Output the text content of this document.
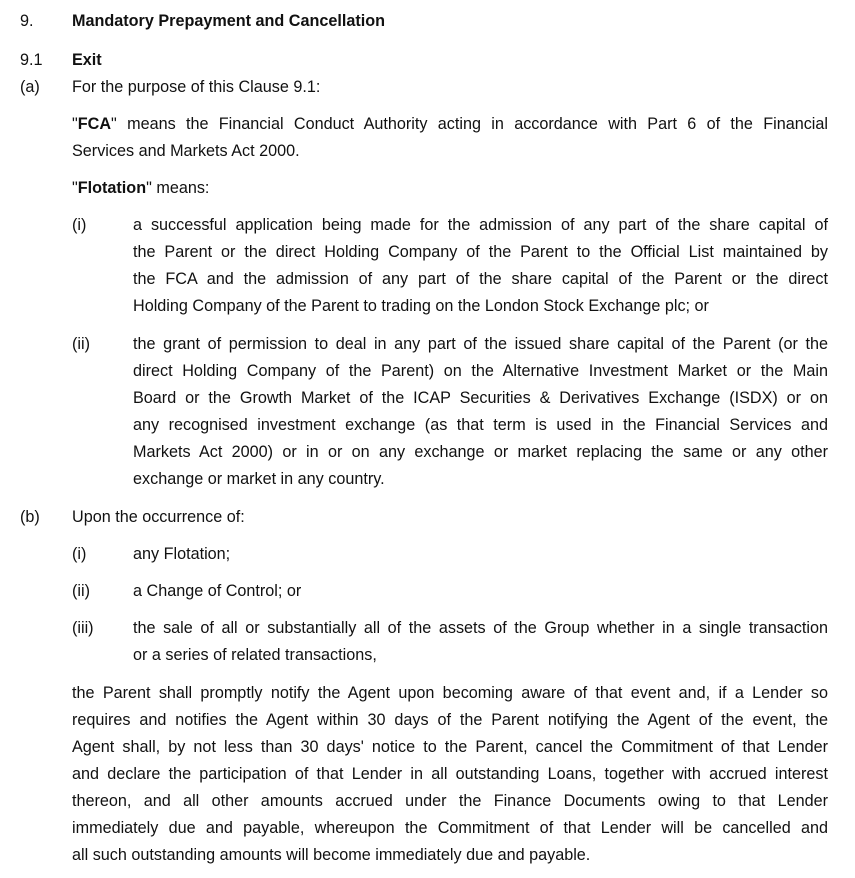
9. Mandatory Prepayment and Cancellation
9.1 Exit
(a) For the purpose of this Clause 9.1:
"FCA" means the Financial Conduct Authority acting in accordance with Part 6 of the Financial
Services and Markets Act 2000.
"Flotation" means:
(i)	a successful application being made for the admission of any part of the share capital of
the Parent or the direct Holding Company of the Parent to the Official List maintained by
the FCA and the admission of any part of the share capital of the Parent or the direct
Holding Company of the Parent to trading on the London Stock Exchange plc; or
(ii)	the grant of permission to deal in any part of the issued share capital of the Parent (or the
direct Holding Company of the Parent) on the Alternative Investment Market or the Main
Board or the Growth Market of the ICAP Securities & Derivatives Exchange (ISDX) or on
any recognised investment exchange (as that term is used in the Financial Services and
Markets Act 2000) or in or on any exchange or market replacing the same or any other
exchange or market in any country.
(b) Upon the occurrence of:
(i)	any Flotation;
(ii)	a Change of Control; or
(iii) the sale of all or substantially all of the assets of the Group whether in a single transaction
or a series of related transactions,
the Parent shall promptly notify the Agent upon becoming aware of that event and, if a Lender so
requires and notifies the Agent within 30 days of the Parent notifying the Agent of the event, the
Agent shall, by not less than 30 days' notice to the Parent, cancel the Commitment of that Lender
and declare the participation of that Lender in all outstanding Loans, together with accrued interest
thereon, and all other amounts accrued under the Finance Documents owing to that Lender
immediately due and payable, whereupon the Commitment of that Lender will be cancelled and
all such outstanding amounts will become immediately due and payable.
